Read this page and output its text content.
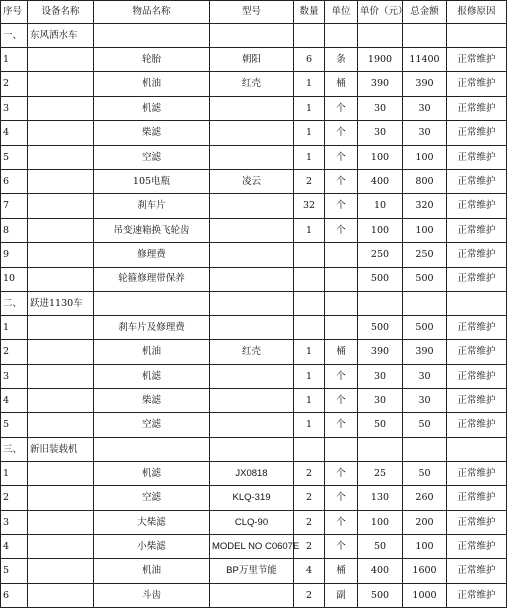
序号	设备名称	物品名称	型号	数量	单位	单价（元）	总金额	报修原因
一、	东风洒水车							
1		轮胎	朝阳	6	条	1900	11400	正常维护
2		机油	红壳	1	桶	390	390	正常维护
3		机滤		1	个	30	30	正常维护
4		柴滤		1	个	30	30	正常维护
5		空滤		1	个	100	100	正常维护
6		105电瓶	凌云	2	个	400	800	正常维护
7		刹车片		32	个	10	320	正常维护
8		吊变速箱换飞轮齿		1	个	100	100	正常维护
9		修理费				250	250	正常维护
10		轮箍修理带保养				500	500	正常维护
二、	跃进1130车							
1		刹车片及修理费				500	500	正常维护
2		机油	红壳	1	桶	390	390	正常维护
3		机滤		1	个	30	30	正常维护
4		柴滤		1	个	30	30	正常维护
5		空滤		1	个	50	50	正常维护
三、	新旧装载机							
1		机滤	JX0818	2	个	25	50	正常维护
2		空滤	KLQ-319	2	个	130	260	正常维护
3		大柴滤	CLQ-90	2	个	100	200	正常维护
4		小柴滤	MODEL NO C0607E	2	个	50	100	正常维护
5		机油	BP万里节能	4	桶	400	1600	正常维护
6		斗齿		2	副	500	1000	正常维护
